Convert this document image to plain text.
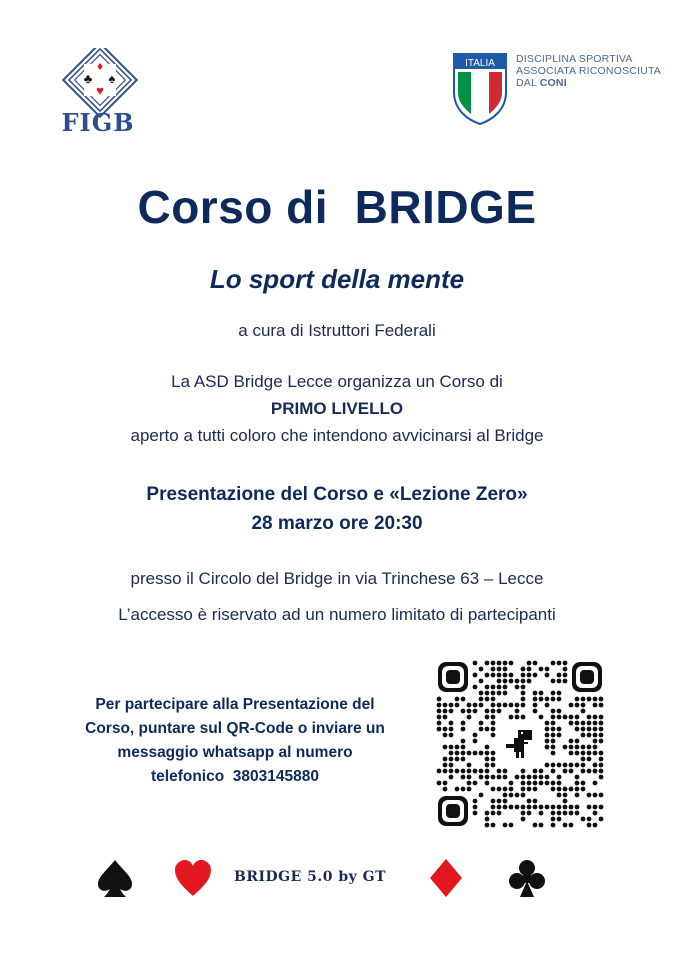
♦
♣ ♠
♥
FIGB
ITALIA DISCIPLINA SPORTIVA
ASSOCIATA RICONOSCIUTA
DAL CONI
Corso di  BRIDGE
Lo sport della mente
a cura di Istruttori Federali
La ASD Bridge Lecce organizza un Corso di
PRIMO LIVELLO
aperto a tutti coloro che intendono avvicinarsi al Bridge
Presentazione del Corso e «Lezione Zero»
28 marzo ore 20:30
presso il Circolo del Bridge in via Trinchese 63 – Lecce
L’accesso è riservato ad un numero limitato di partecipanti
Per partecipare alla Presentazione del
Corso, puntare sul QR-Code o inviare un
messaggio whatsapp al numero
telefonico  3803145880
BRIDGE 5.0 by GT
